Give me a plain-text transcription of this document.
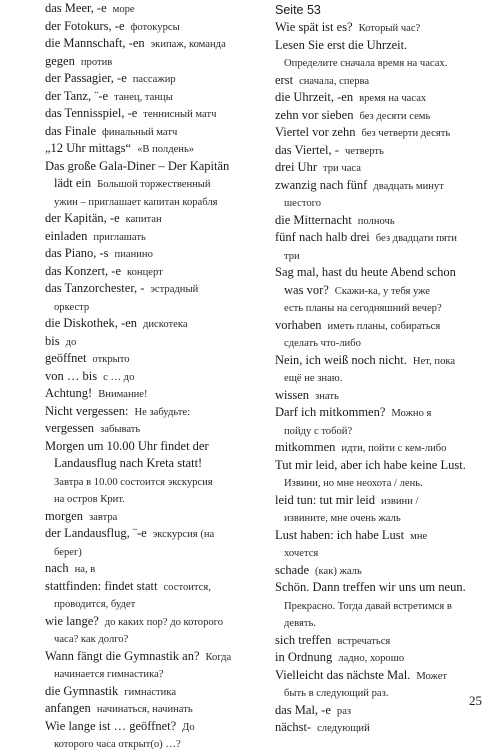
das Meer, -e море
der Fotokurs, -e фотокурсы
die Mannschaft, -en экипаж, команда
gegen против
der Passagier, -e пассажир
der Tanz, ¨-e танец, танцы
das Tennisspiel, -e теннисный матч
das Finale финальный матч
„12 Uhr mittags“ «В полдень»
Das große Gala-Diner – Der Kapitän
lädt ein Большой торжественный
ужин – приглашает капитан корабля
der Kapitän, -e капитан
einladen приглашать
das Piano, -s пианино
das Konzert, -e концерт
das Tanzorchester, - эстрадный
оркестр
die Diskothek, -en дискотека
bis до
geöffnet открыто
von … bis с … до
Achtung! Внимание!
Nicht vergessen: Не забудьте:
vergessen забывать
Morgen um 10.00 Uhr findet der
Landausflug nach Kreta statt!
Завтра в 10.00 состоится экскурсия
на остров Крит.
morgen завтра
der Landausflug, ¨-e экскурсия (на
берег)
nach на, в
stattfinden: findet statt состоится,
проводится, будет
wie lange? до каких пор? до которого
часа? как долго?
Wann fängt die Gymnastik an? Когда
начинается гимнастика?
die Gymnastik гимнастика
anfangen начинаться, начинать
Wie lange ist … geöffnet? До
которого часа открыт(о) …?
Seite 53
Wie spät ist es? Который час?
Lesen Sie erst die Uhrzeit.
Определите сначала время на часах.
erst сначала, сперва
die Uhrzeit, -en время на часах
zehn vor sieben без десяти семь
Viertel vor zehn без четверти десять
das Viertel, - четверть
drei Uhr три часа
zwanzig nach fünf двадцать минут
шестого
die Mitternacht полночь
fünf nach halb drei без двадцати пяти
три
Sag mal, hast du heute Abend schon
was vor? Скажи-ка, у тебя уже
есть планы на сегодняшний вечер?
vorhaben иметь планы, собираться
сделать что-либо
Nein, ich weiß noch nicht. Нет, пока
ещё не знаю.
wissen знать
Darf ich mitkommen? Можно я
пойду с тобой?
mitkommen идти, пойти с кем-либо
Tut mir leid, aber ich habe keine Lust.
Извини, но мне неохота / лень.
leid tun: tut mir leid извини /
извините, мне очень жаль
Lust haben: ich habe Lust мне
хочется
schade (как) жаль
Schön. Dann treffen wir uns um neun.
Прекрасно. Тогда давай встретимся в
девять.
sich treffen встречаться
in Ordnung ладно, хорошо
Vielleicht das nächste Mal. Может
быть в следующий раз.
das Mal, -e раз
nächst- следующий
25
